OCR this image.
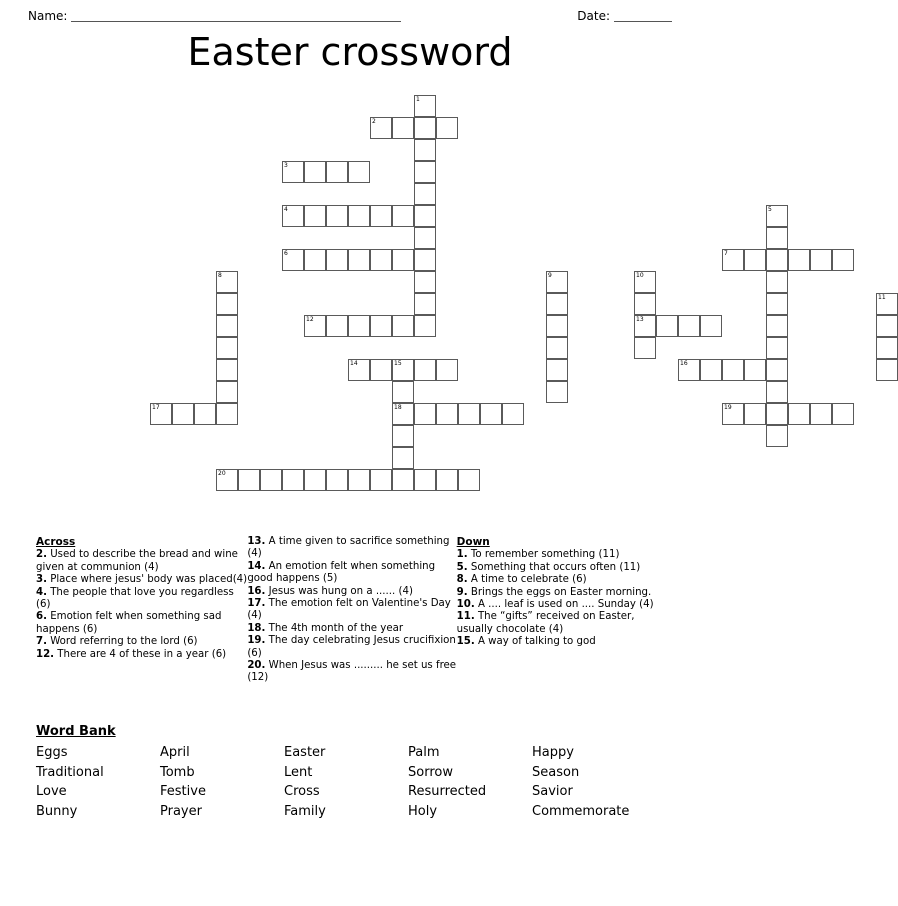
Name:	Date:
Easter crossword
1
2
3
4	5
6	7
8	9	10
13
11
12
14	15
18
16
17	19
20
Across

2. Used to describe the bread and wine given at communion (4)

3. Place where jesus' body was placed(4)

4. The people that love you regardless (6)

6. Emotion felt when something sad happens (6)

7. Word referring to the lord (6)

12. There are 4 of these in a year (6)

13. A time given to sacrifice something (4)

14. An emotion felt when something good happens (5)

16. Jesus was hung on a ...... (4)

17. The emotion felt on Valentine's Day (4)

18. The 4th month of the year

19. The day celebrating Jesus crucifixion (6)

20. When Jesus was ......... he set us free (12)

Down

1. To remember something (11)

5. Something that occurs often (11)

8. A time to celebrate (6)

9. Brings the eggs on Easter morning.

10. A .... leaf is used on .... Sunday (4)

11. The “gifts” received on Easter, usually chocolate (4)

15. A way of talking to god

Word Bank
Eggs
Traditional
Love
Bunny
April
Tomb
Festive
Prayer
Easter
Lent
Cross
Family
Palm
Sorrow
Resurrected
Holy
Happy
Season
Savior
Commemorate
